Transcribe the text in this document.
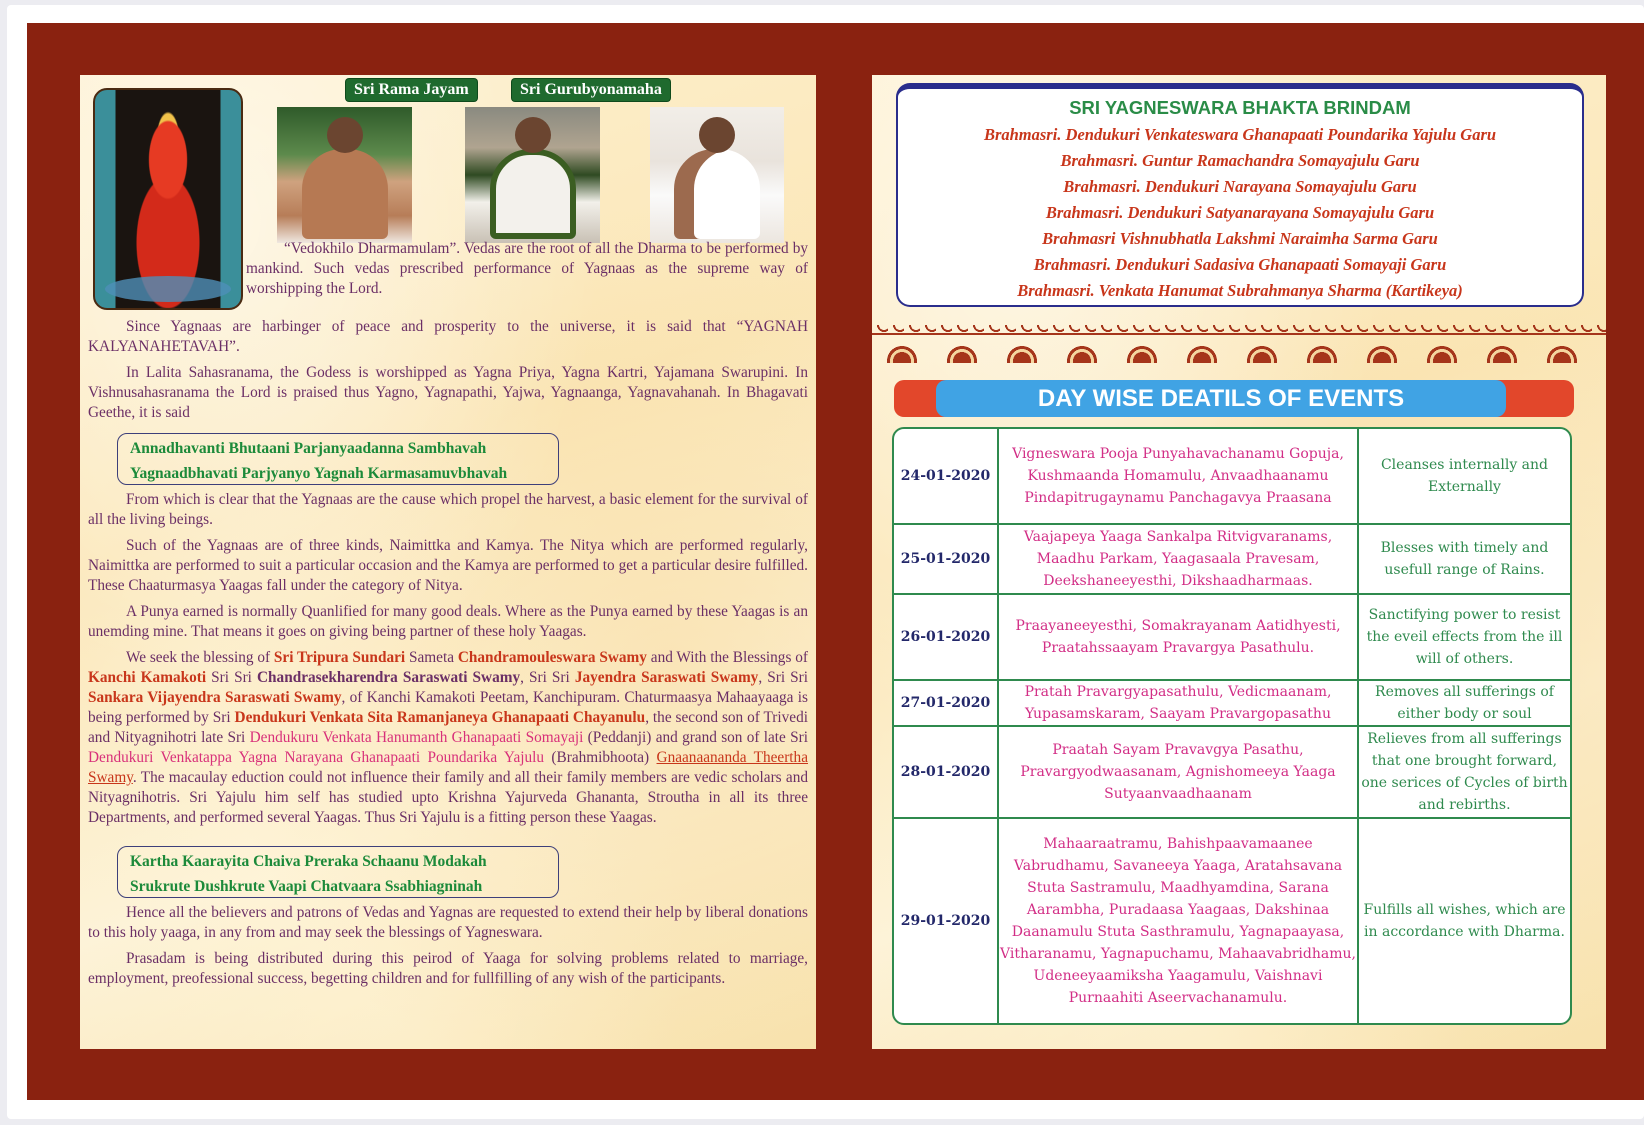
Sri Rama Jayam	Sri Gurubyonamaha

“Vedokhilo Dharmamulam”. Vedas are the root of all the Dharma to be performed by mankind. Such vedas prescribed performance of Yagnaas as the supreme way of worshipping the Lord.

Since Yagnaas are harbinger of peace and prosperity to the universe, it is said that “YAGNAH KALYANAHETAVAH”.

In Lalita Sahasranama, the Godess is worshipped as Yagna Priya, Yagna Kartri, Yajamana Swarupini. In Vishnusahasranama the Lord is praised thus Yagno, Yagnapathi, Yajwa, Yagnaanga, Yagnavahanah. In Bhagavati Geethe, it is said

Annadhavanti Bhutaani Parjanyaadanna Sambhavah
Yagnaadbhavati Parjyanyo Yagnah Karmasamuvbhavah

From which is clear that the Yagnaas are the cause which propel the harvest, a basic element for the survival of all the living beings.

Such of the Yagnaas are of three kinds, Naimittka and Kamya. The Nitya which are performed regularly, Naimittka are performed to suit a particular occasion and the Kamya are performed to get a particular desire fulfilled. These Chaaturmasya Yaagas fall under the category of Nitya.

A Punya earned is normally Quanlified for many good deals. Where as the Punya earned by these Yaagas is an unemding mine. That means it goes on giving being partner of these holy Yaagas.

We seek the blessing of Sri Tripura Sundari Sameta Chandramouleswara Swamy and With the Blessings of Kanchi Kamakoti Sri Sri Chandrasekharendra Saraswati Swamy, Sri Sri Jayendra Saraswati Swamy, Sri Sri Sankara Vijayendra Saraswati Swamy, of Kanchi Kamakoti Peetam, Kanchipuram. Chaturmaasya Mahaayaaga is being performed by Sri Dendukuri Venkata Sita Ramanjaneya Ghanapaati Chayanulu, the second son of Trivedi and Nityagnihotri late Sri Dendukuru Venkata Hanumanth Ghanapaati Somayaji (Peddanji) and grand son of late Sri Dendukuri Venkatappa Yagna Narayana Ghanapaati Poundarika Yajulu (Brahmibhoota) Gnaanaananda Theertha Swamy. The macaulay eduction could not influence their family and all their family members are vedic scholars and Nityagnihotris. Sri Yajulu him self has studied upto Krishna Yajurveda Ghananta, Stroutha in all its three Departments, and performed several Yaagas. Thus Sri Yajulu is a fitting person these Yaagas.

Kartha Kaarayita Chaiva Preraka Schaanu Modakah
Srukrute Dushkrute Vaapi Chatvaara Ssabhiagninah

Hence all the believers and patrons of Vedas and Yagnas are requested to extend their help by liberal donations to this holy yaaga, in any from and may seek the blessings of Yagneswara.

Prasadam is being distributed during this peirod of Yaaga for solving problems related to marriage, employment, preofessional success, begetting children and for fullfilling of any wish of the participants.

SRI YAGNESWARA BHAKTA BRINDAM
Brahmasri. Dendukuri Venkateswara Ghanapaati Poundarika Yajulu Garu
Brahmasri. Guntur Ramachandra Somayajulu Garu
Brahmasri. Dendukuri Narayana Somayajulu Garu
Brahmasri. Dendukuri Satyanarayana Somayajulu Garu
Brahmasri Vishnubhatla Lakshmi Naraimha Sarma Garu
Brahmasri. Dendukuri Sadasiva Ghanapaati Somayaji Garu
Brahmasri. Venkata Hanumat Subrahmanya Sharma (Kartikeya)
DAY WISE DEATILS OF EVENTS
24-01-2020	Vigneswara Pooja Punyahavachanamu Gopuja, Kushmaanda Homamulu, Anvaadhaanamu Pindapitrugaynamu Panchagavya Praasana	Cleanses internally and Externally
25-01-2020	Vaajapeya Yaaga Sankalpa Ritvigvaranams, Maadhu Parkam, Yaagasaala Pravesam, Deekshaneeyesthi, Dikshaadharmaas.	Blesses with timely and usefull range of Rains.
26-01-2020	Praayaneeyesthi, Somakrayanam Aatidhyesti, Praatahssaayam Pravargya Pasathulu.	Sanctifying power to resist the eveil effects from the ill will of others.
27-01-2020	Pratah Pravargyapasathulu, Vedicmaanam, Yupasamskaram, Saayam Pravargopasathu	Removes all sufferings of either body or soul
28-01-2020	Praatah Sayam Pravavgya Pasathu, Pravargyodwaasanam, Agnishomeeya Yaaga Sutyaanvaadhaanam	Relieves from all sufferings that one brought forward, one serices of Cycles of birth and rebirths.
29-01-2020	Mahaaraatramu, Bahishpaavamaanee Vabrudhamu, Savaneeya Yaaga, Aratahsavana Stuta Sastramulu, Maadhyamdina, Sarana Aarambha, Puradaasa Yaagaas, Dakshinaa Daanamulu Stuta Sasthramulu, Yagnapaayasa, Vitharanamu, Yagnapuchamu, Mahaavabridhamu, Udeneeyaamiksha Yaagamulu, Vaishnavi Purnaahiti Aseervachanamulu.	Fulfills all wishes, which are in accordance with Dharma.
